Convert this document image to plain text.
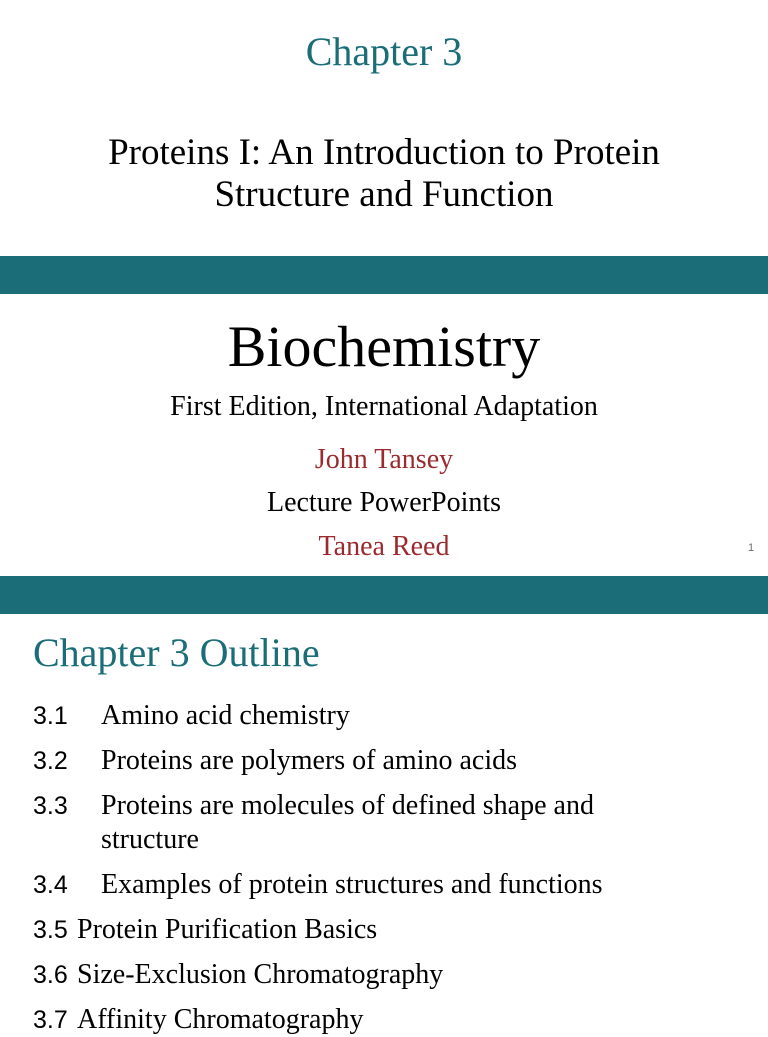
Chapter 3
Proteins I: An Introduction to Protein
Structure and Function
Biochemistry
First Edition, International Adaptation
John Tansey
Lecture PowerPoints
Tanea Reed	1
Chapter 3 Outline
3.1 Amino acid chemistry
3.2 Proteins are polymers of amino acids
3.3 Proteins are molecules of defined shape and
structure
3.4 Examples of protein structures and functions
3.5 Protein Purification Basics
3.6 Size-Exclusion Chromatography
3.7 Affinity Chromatography
